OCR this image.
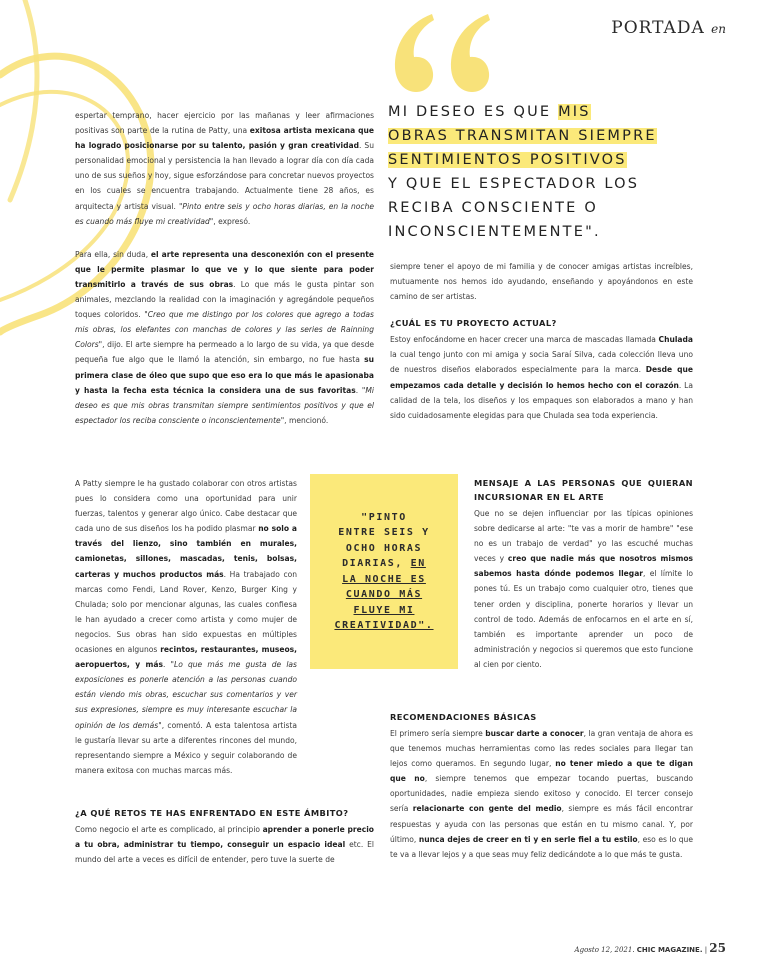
PORTADA en
MI DESEO ES QUE MIS
OBRAS TRANSMITAN SIEMPRE
SENTIMIENTOS POSITIVOS
Y QUE EL ESPECTADOR LOS
RECIBA CONSCIENTE O
INCONSCIENTEMENTE".

espertar temprano, hacer ejercicio por las mañanas y leer afirmaciones positivas son parte de la rutina de Patty, una exitosa artista mexicana que ha logrado posicionarse por su talento, pasión y gran creatividad. Su personalidad emocional y persistencia la han llevado a lograr día con día cada uno de sus sueños y hoy, sigue esforzándose para concretar nuevos proyectos en los cuales se encuentra trabajando. Actualmente tiene 28 años, es arquitecta y artista visual. "Pinto entre seis y ocho horas diarias, en la noche es cuando más fluye mi creatividad", expresó.

Para ella, sin duda, el arte representa una desconexión con el presente que le permite plasmar lo que ve y lo que siente para poder transmitirlo a través de sus obras. Lo que más le gusta pintar son animales, mezclando la realidad con la imaginación y agregándole pequeños toques coloridos. "Creo que me distingo por los colores que agrego a todas mis obras, los elefantes con manchas de colores y las series de Rainning Colors", dijo. El arte siempre ha permeado a lo largo de su vida, ya que desde pequeña fue algo que le llamó la atención, sin embargo, no fue hasta su primera clase de óleo que supo que eso era lo que más le apasionaba y hasta la fecha esta técnica la considera una de sus favoritas. "Mi deseo es que mis obras transmitan siempre sentimientos positivos y que el espectador los reciba consciente o inconscientemente", mencionó.

A Patty siempre le ha gustado colaborar con otros artistas pues lo considera como una oportunidad para unir fuerzas, talentos y generar algo único. Cabe destacar que cada uno de sus diseños los ha podido plasmar no solo a través del lienzo, sino también en murales, camionetas, sillones, mascadas, tenis, bolsas, carteras y muchos productos más. Ha trabajado con marcas como Fendi, Land Rover, Kenzo, Burger King y Chulada; solo por mencionar algunas, las cuales confiesa le han ayudado a crecer como artista y como mujer de negocios. Sus obras han sido expuestas en múltiples ocasiones en algunos recintos, restaurantes, museos, aeropuertos, y más. "Lo que más me gusta de las exposiciones es ponerle atención a las personas cuando están viendo mis obras, escuchar sus comentarios y ver sus expresiones, siempre es muy interesante escuchar la opinión de los demás", comentó. A esta talentosa artista le gustaría llevar su arte a diferentes rincones del mundo, representando siempre a México y seguir colaborando de manera exitosa con muchas marcas más.

siempre tener el apoyo de mi familia y de conocer amigas artistas increíbles, mutuamente nos hemos ido ayudando, enseñando y apoyándonos en este camino de ser artistas.

¿CUÁL ES TU PROYECTO ACTUAL?

Estoy enfocándome en hacer crecer una marca de mascadas llamada Chulada la cual tengo junto con mi amiga y socia Saraí Silva, cada colección lleva uno de nuestros diseños elaborados especialmente para la marca. Desde que empezamos cada detalle y decisión lo hemos hecho con el corazón. La calidad de la tela, los diseños y los empaques son elaborados a mano y han sido cuidadosamente elegidas para que Chulada sea toda experiencia.

MENSAJE A LAS PERSONAS QUE QUIERAN INCURSIONAR EN EL ARTE

Que no se dejen influenciar por las típicas opiniones sobre dedicarse al arte: "te vas a morir de hambre" "ese no es un trabajo de verdad" yo las escuché muchas veces y creo que nadie más que nosotros mismos sabemos hasta dónde podemos llegar, el límite lo pones tú. Es un trabajo como cualquier otro, tienes que tener orden y disciplina, ponerte horarios y llevar un control de todo. Además de enfocarnos en el arte en sí, también es importante aprender un poco de administración y negocios si queremos que esto funcione al cien por ciento.

RECOMENDACIONES BÁSICAS

El primero sería siempre buscar darte a conocer, la gran ventaja de ahora es que tenemos muchas herramientas como las redes sociales para llegar tan lejos como queramos. En segundo lugar, no tener miedo a que te digan que no, siempre tenemos que empezar tocando puertas, buscando oportunidades, nadie empieza siendo exitoso y conocido. El tercer consejo sería relacionarte con gente del medio, siempre es más fácil encontrar respuestas y ayuda con las personas que están en tu mismo canal. Y, por último, nunca dejes de creer en ti y en serle fiel a tu estilo, eso es lo que te va a llevar lejos y a que seas muy feliz dedicándote a lo que más te gusta.

¿A QUÉ RETOS TE HAS ENFRENTADO EN ESTE ÁMBITO?

Como negocio el arte es complicado, al principio aprender a ponerle precio a tu obra, administrar tu tiempo, conseguir un espacio ideal etc. El mundo del arte a veces es difícil de entender, pero tuve la suerte de

"PINTO
ENTRE SEIS Y
OCHO HORAS
DIARIAS, EN
LA NOCHE ES
CUANDO MÁS
FLUYE MI
CREATIVIDAD".
Agosto 12, 2021. CHIC MAGAZINE. | 25
